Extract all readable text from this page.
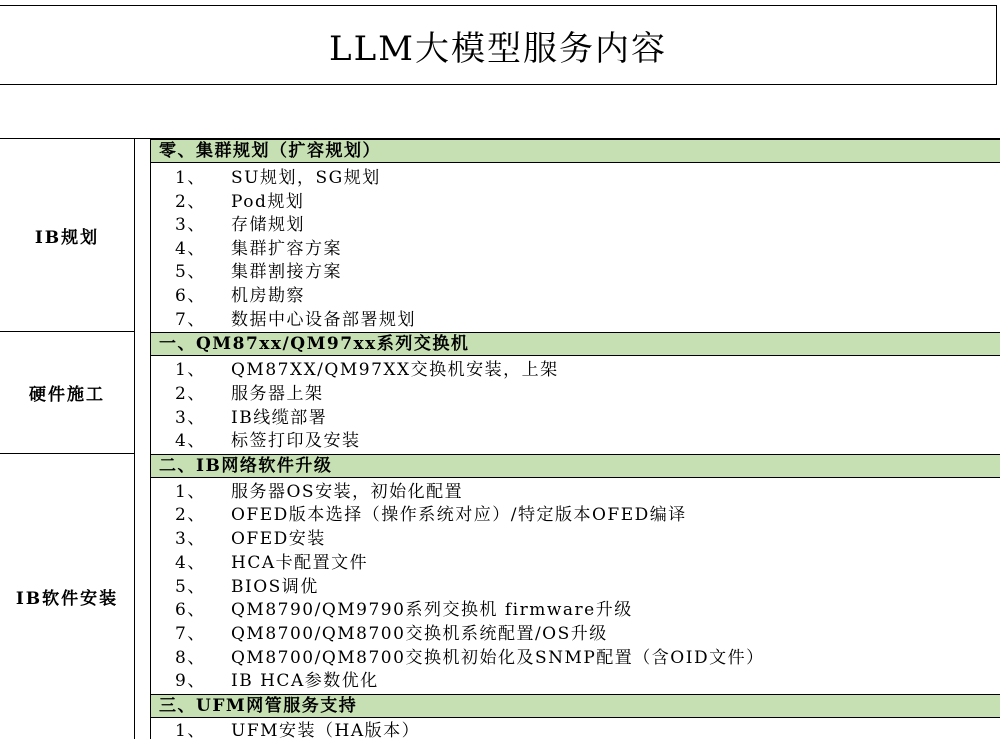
LLM大模型服务内容
IB规划
硬件施工
IB软件安装
零、集群规划（扩容规划）
1、 SU规划，SG规划
2、 Pod规划
3、 存储规划
4、 集群扩容方案
5、 集群割接方案
6、 机房勘察
7、 数据中心设备部署规划
一、QM87xx/QM97xx系列交换机
1、 QM87XX/QM97XX交换机安装，上架
2、 服务器上架
3、 IB线缆部署
4、 标签打印及安装
二、IB网络软件升级
1、 服务器OS安装，初始化配置
2、 OFED版本选择（操作系统对应）/特定版本OFED编译
3、 OFED安装
4、 HCA卡配置文件
5、 BIOS调优
6、 QM8790/QM9790系列交换机 firmware升级
7、 QM8700/QM8700交换机系统配置/OS升级
8、 QM8700/QM8700交换机初始化及SNMP配置（含OID文件）
9、 IB HCA参数优化
三、UFM网管服务支持
1、 UFM安装（HA版本）
